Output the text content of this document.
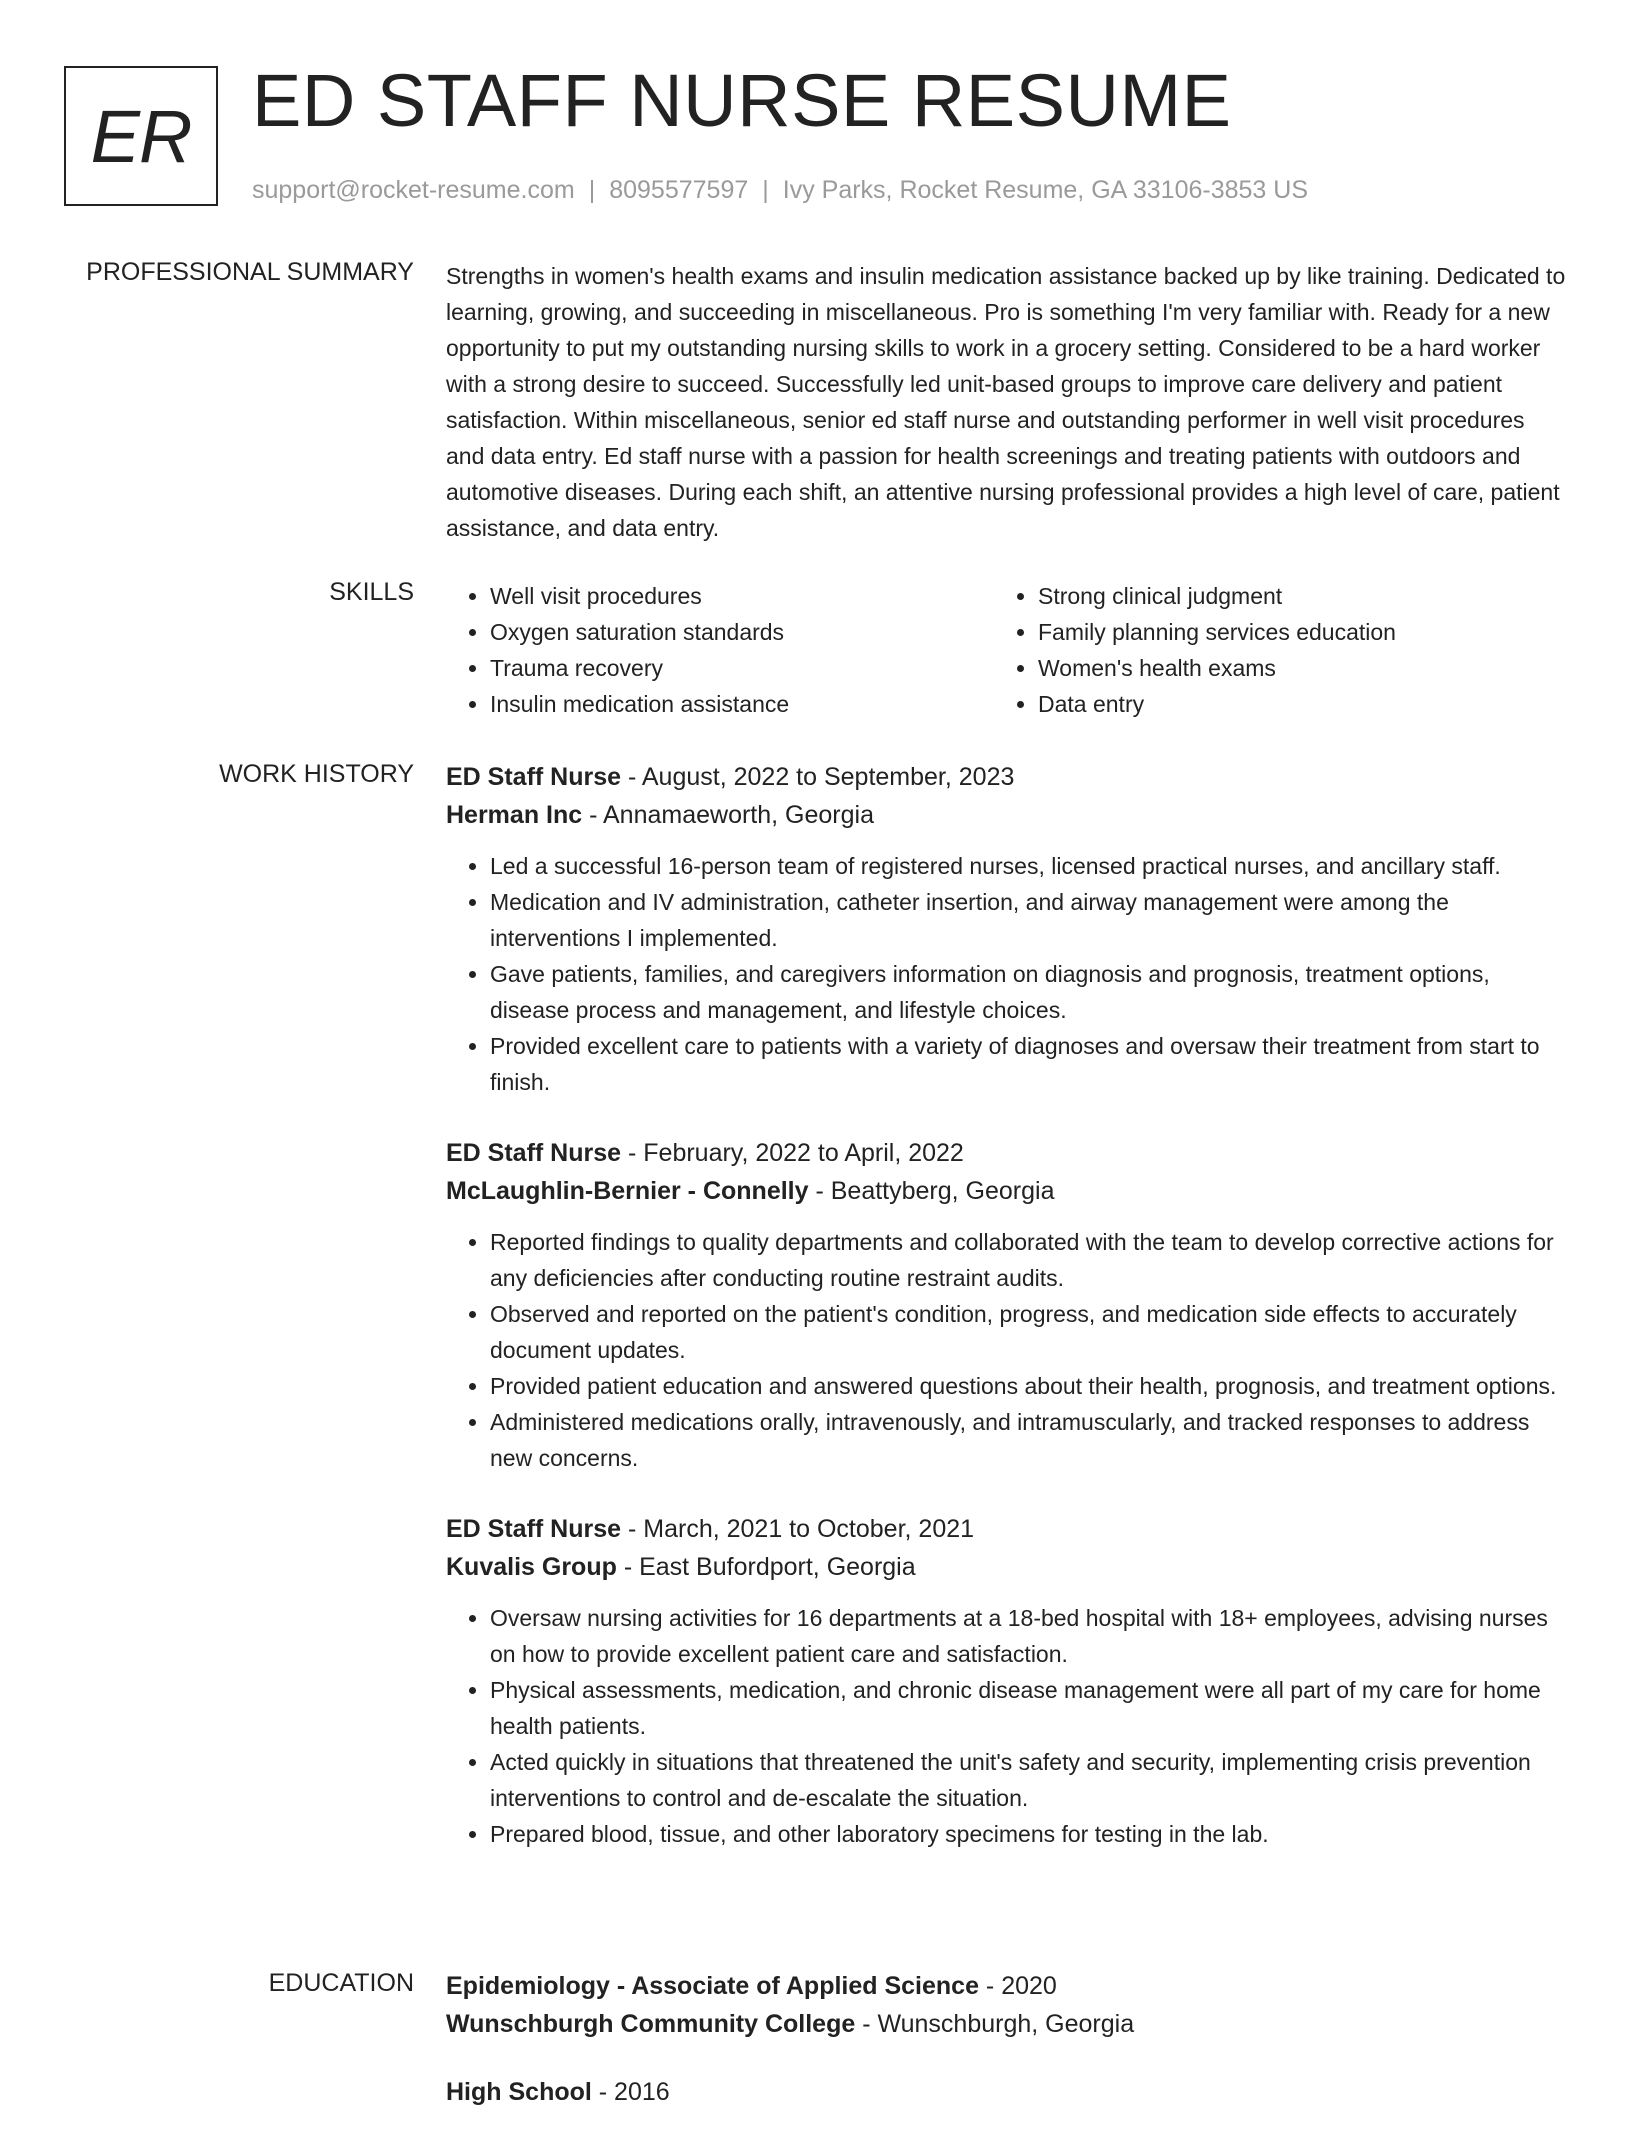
ER ED STAFF NURSE RESUME
support@rocket-resume.com | 8095577597 | Ivy Parks, Rocket Resume, GA 33106-3853 US
PROFESSIONAL SUMMARY Strengths in women's health exams and insulin medication assistance backed up by like training. Dedicated to learning, growing, and succeeding in miscellaneous. Pro is something I'm very familiar with. Ready for a new opportunity to put my outstanding nursing skills to work in a grocery setting. Considered to be a hard worker with a strong desire to succeed. Successfully led unit-based groups to improve care delivery and patient satisfaction. Within miscellaneous, senior ed staff nurse and outstanding performer in well visit procedures and data entry. Ed staff nurse with a passion for health screenings and treating patients with outdoors and automotive diseases. During each shift, an attentive nursing professional provides a high level of care, patient assistance, and data entry.

SKILLS
•	Well visit procedures
• Oxygen saturation standards
• Trauma recovery
• Insulin medication assistance
• Strong clinical judgment
• Family planning services education
• Women's health exams
• Data entry
WORK HISTORY ED Staff Nurse - August, 2022 to September, 2023
Herman Inc - Annamaeworth, Georgia
• Led a successful 16-person team of registered nurses, licensed practical nurses, and ancillary staff.
• Medication and IV administration, catheter insertion, and airway management were among the interventions I implemented.
• Gave patients, families, and caregivers information on diagnosis and prognosis, treatment options, disease process and management, and lifestyle choices.
• Provided excellent care to patients with a variety of diagnoses and oversaw their treatment from start to finish.
ED Staff Nurse - February, 2022 to April, 2022
McLaughlin-Bernier - Connelly - Beattyberg, Georgia
• Reported findings to quality departments and collaborated with the team to develop corrective actions for any deficiencies after conducting routine restraint audits.
• Observed and reported on the patient's condition, progress, and medication side effects to accurately document updates.
• Provided patient education and answered questions about their health, prognosis, and treatment options.
• Administered medications orally, intravenously, and intramuscularly, and tracked responses to address new concerns.
ED Staff Nurse - March, 2021 to October, 2021
Kuvalis Group - East Bufordport, Georgia
• Oversaw nursing activities for 16 departments at a 18-bed hospital with 18+ employees, advising nurses on how to provide excellent patient care and satisfaction.
• Physical assessments, medication, and chronic disease management were all part of my care for home health patients.
• Acted quickly in situations that threatened the unit's safety and security, implementing crisis prevention interventions to control and de-escalate the situation.
• Prepared blood, tissue, and other laboratory specimens for testing in the lab.
EDUCATION Epidemiology - Associate of Applied Science - 2020
Wunschburgh Community College - Wunschburgh, Georgia
High School - 2016
